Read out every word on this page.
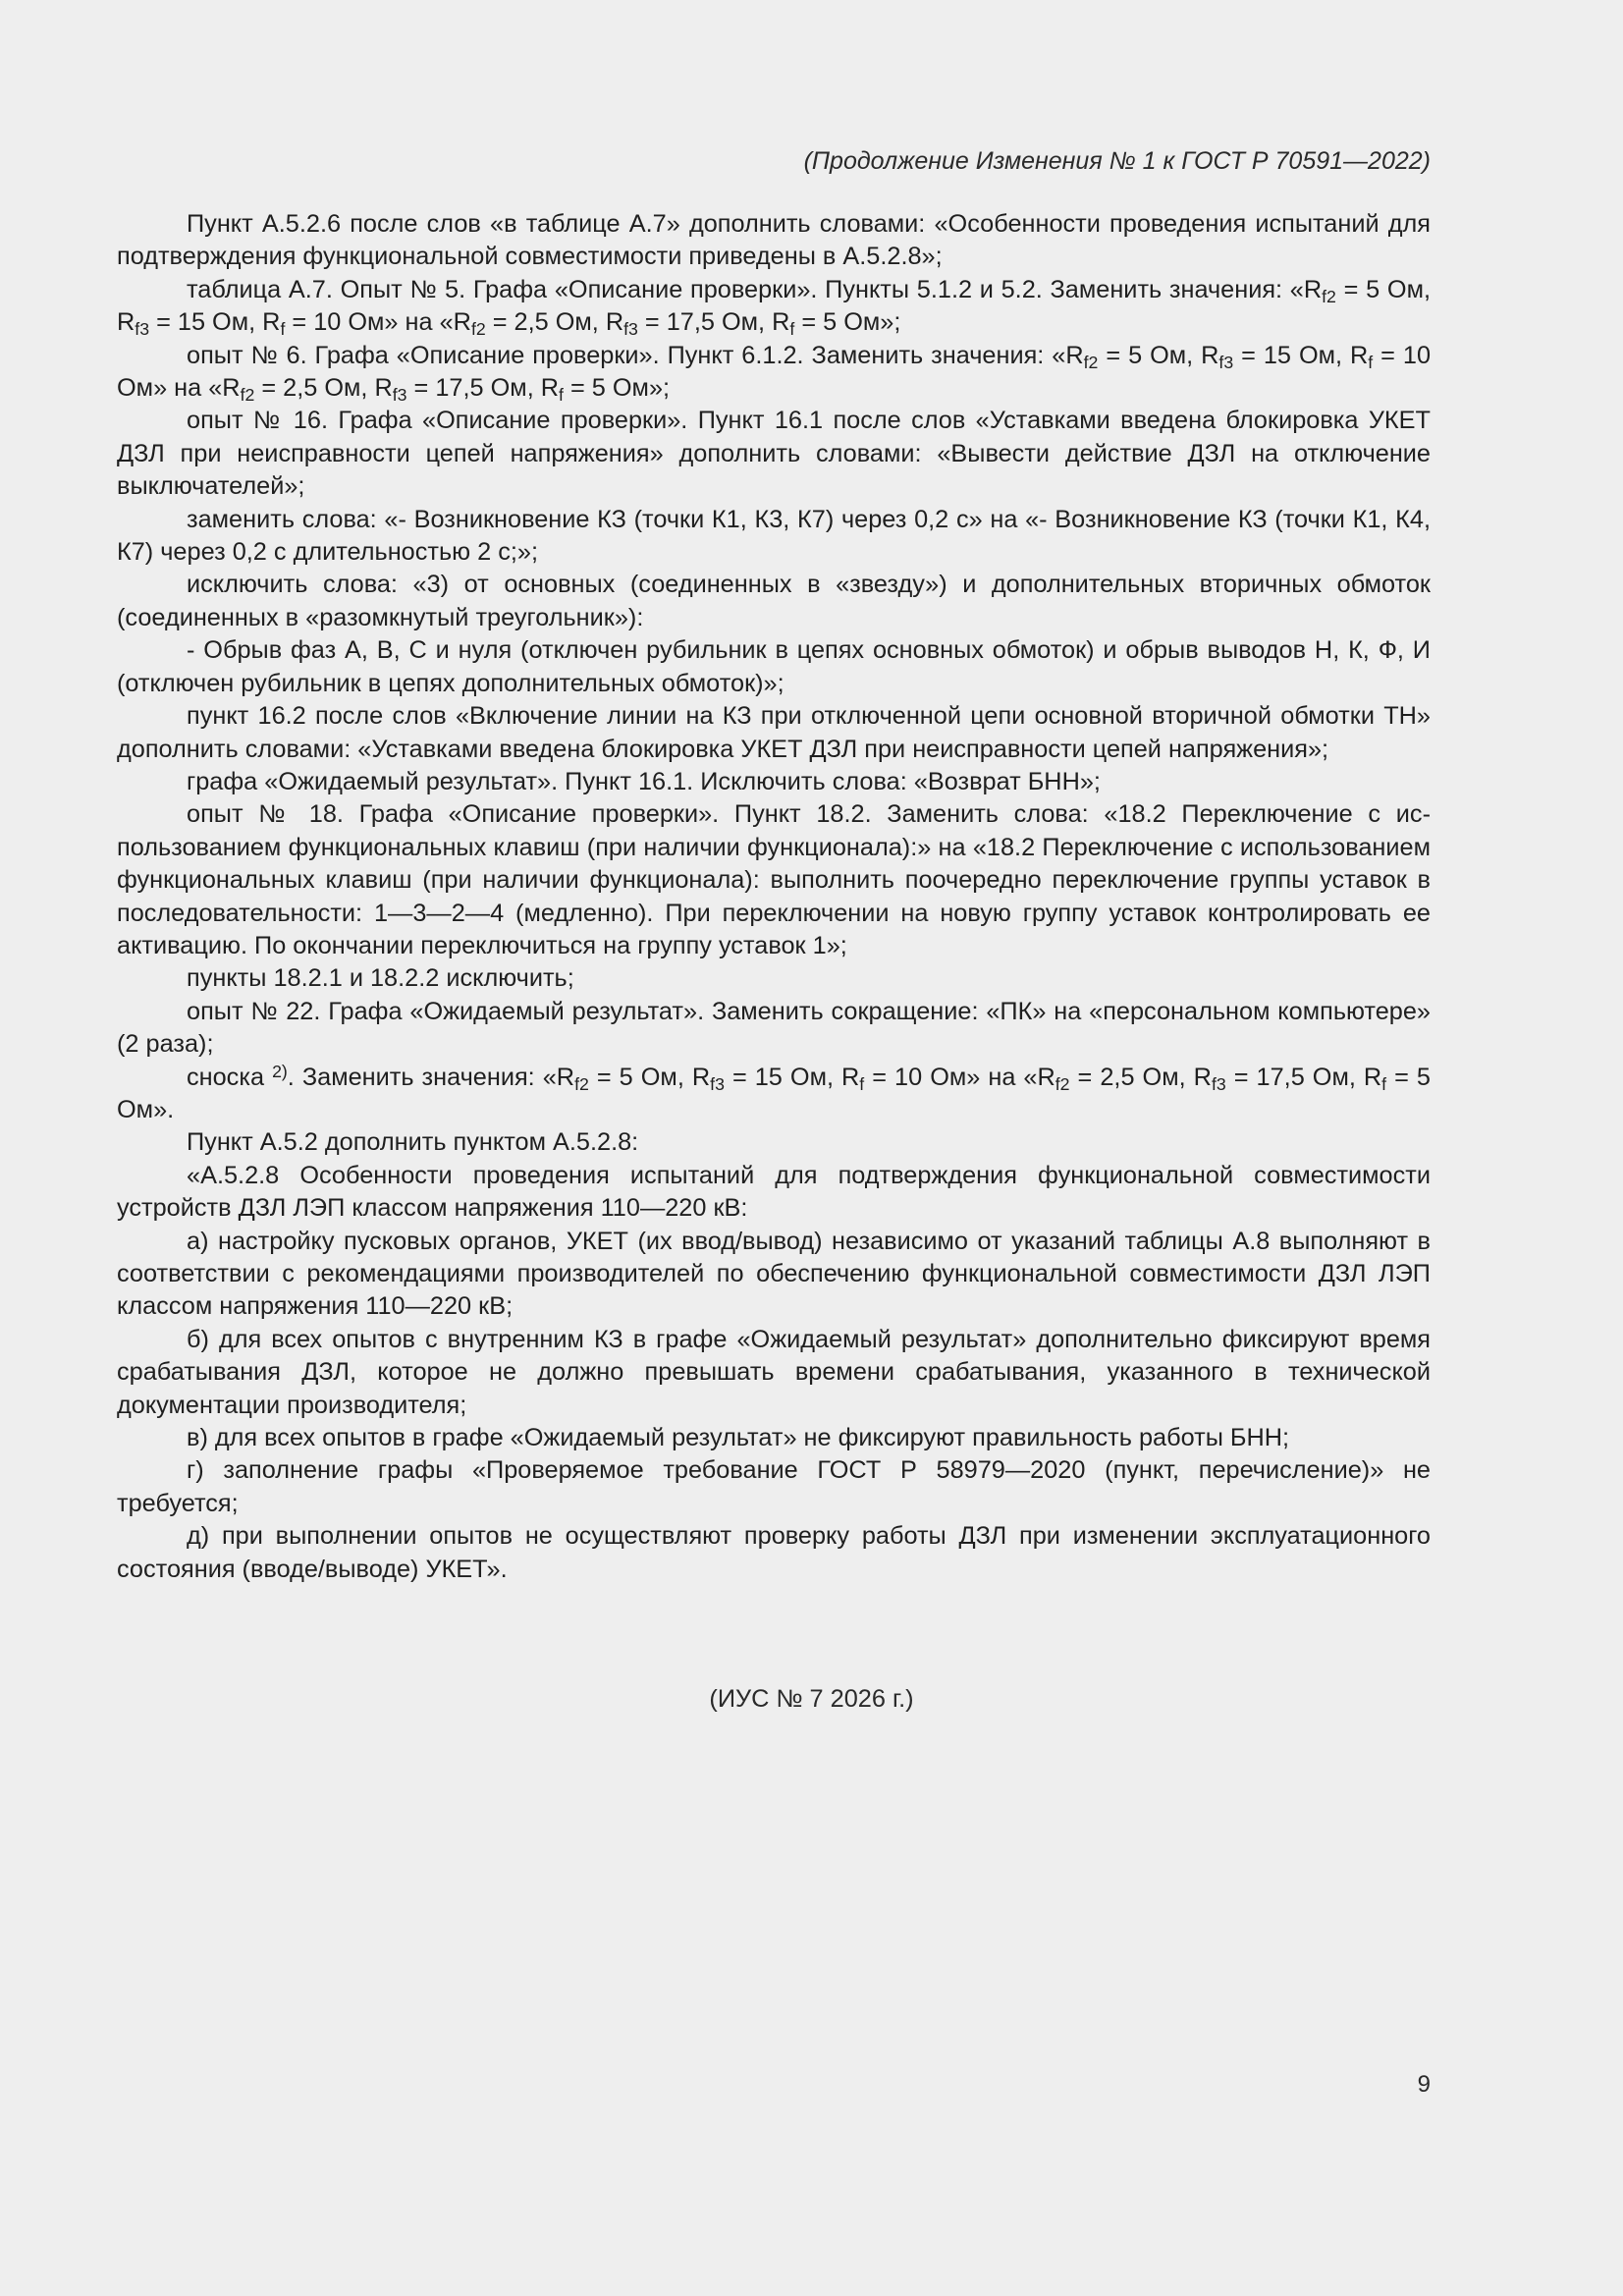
(Продолжение Изменения № 1 к ГОСТ Р 70591—2022)

Пункт А.5.2.6 после слов «в таблице А.7» дополнить словами: «Особенности проведения испытаний для подтверждения функциональной совместимости приведены в А.5.2.8»;

таблица А.7. Опыт № 5. Графа «Описание проверки». Пункты 5.1.2 и 5.2. Заменить значения: «$R_{f2} = 5$ Ом, $R_{f3} = 15$ Ом, $R_f = 10$ Ом» на «$R_{f2} = 2,5$ Ом, $R_{f3} = 17,5$ Ом, $R_f = 5$ Ом»;

опыт № 6. Графа «Описание проверки». Пункт 6.1.2. Заменить значения: «$R_{f2} = 5$ Ом, $R_{f3} = 15$ Ом, $R_f = 10$ Ом» на «$R_{f2} = 2,5$ Ом, $R_{f3} = 17,5$ Ом, $R_f = 5$ Ом»;

опыт № 16. Графа «Описание проверки». Пункт 16.1 после слов «Уставками введена блокировка УКЕТ ДЗЛ при неисправности цепей напряжения» дополнить словами: «Вывести действие ДЗЛ на отключение выключателей»;

заменить слова: «- Возникновение КЗ (точки К1, К3, К7) через 0,2 с» на «- Возникновение КЗ (точки К1, К4, К7) через 0,2 с длительностью 2 с;»;

исключить слова: «3) от основных (соединенных в «звезду») и дополнительных вторичных обмоток (соединенных в «разомкнутый треугольник»):

- Обрыв фаз А, В, С и нуля (отключен рубильник в цепях основных обмоток) и обрыв выводов Н, К, Ф, И (отключен рубильник в цепях дополнительных обмоток)»;

пункт 16.2 после слов «Включение линии на КЗ при отключенной цепи основной вторичной обмотки ТН» дополнить словами: «Уставками введена блокировка УКЕТ ДЗЛ при неисправности цепей напряжения»;

графа «Ожидаемый результат». Пункт 16.1. Исключить слова: «Возврат БНН»;

опыт № 18. Графа «Описание проверки». Пункт 18.2. Заменить слова: «18.2 Переключение с использованием функциональных клавиш (при наличии функционала):» на «18.2 Переключение с использованием функциональных клавиш (при наличии функционала): выполнить поочередно переключение группы уставок в последовательности: 1—3—2—4 (медленно). При переключении на новую группу уставок контролировать ее активацию. По окончании переключиться на группу уставок 1»;

пункты 18.2.1 и 18.2.2 исключить;

опыт № 22. Графа «Ожидаемый результат». Заменить сокращение: «ПК» на «персональном компьютере» (2 раза);

сноска $^{2)}$. Заменить значения: «$R_{f2} = 5$ Ом, $R_{f3} = 15$ Ом, $R_f = 10$ Ом» на «$R_{f2} = 2,5$ Ом, $R_{f3} = 17,5$ Ом, $R_f = 5$ Ом».

Пункт А.5.2 дополнить пунктом А.5.2.8:

«А.5.2.8 Особенности проведения испытаний для подтверждения функциональной совместимости устройств ДЗЛ ЛЭП классом напряжения 110—220 кВ:

а) настройку пусковых органов, УКЕТ (их ввод/вывод) независимо от указаний таблицы А.8 выполняют в соответствии с рекомендациями производителей по обеспечению функциональной совместимости ДЗЛ ЛЭП классом напряжения 110—220 кВ;

б) для всех опытов с внутренним КЗ в графе «Ожидаемый результат» дополнительно фиксируют время срабатывания ДЗЛ, которое не должно превышать времени срабатывания, указанного в технической документации производителя;

в) для всех опытов в графе «Ожидаемый результат» не фиксируют правильность работы БНН;

г) заполнение графы «Проверяемое требование ГОСТ Р 58979—2020 (пункт, перечисление)» не требуется;

д) при выполнении опытов не осуществляют проверку работы ДЗЛ при изменении эксплуатационного состояния (вводе/выводе) УКЕТ».

(ИУС № 7 2026 г.)
9
